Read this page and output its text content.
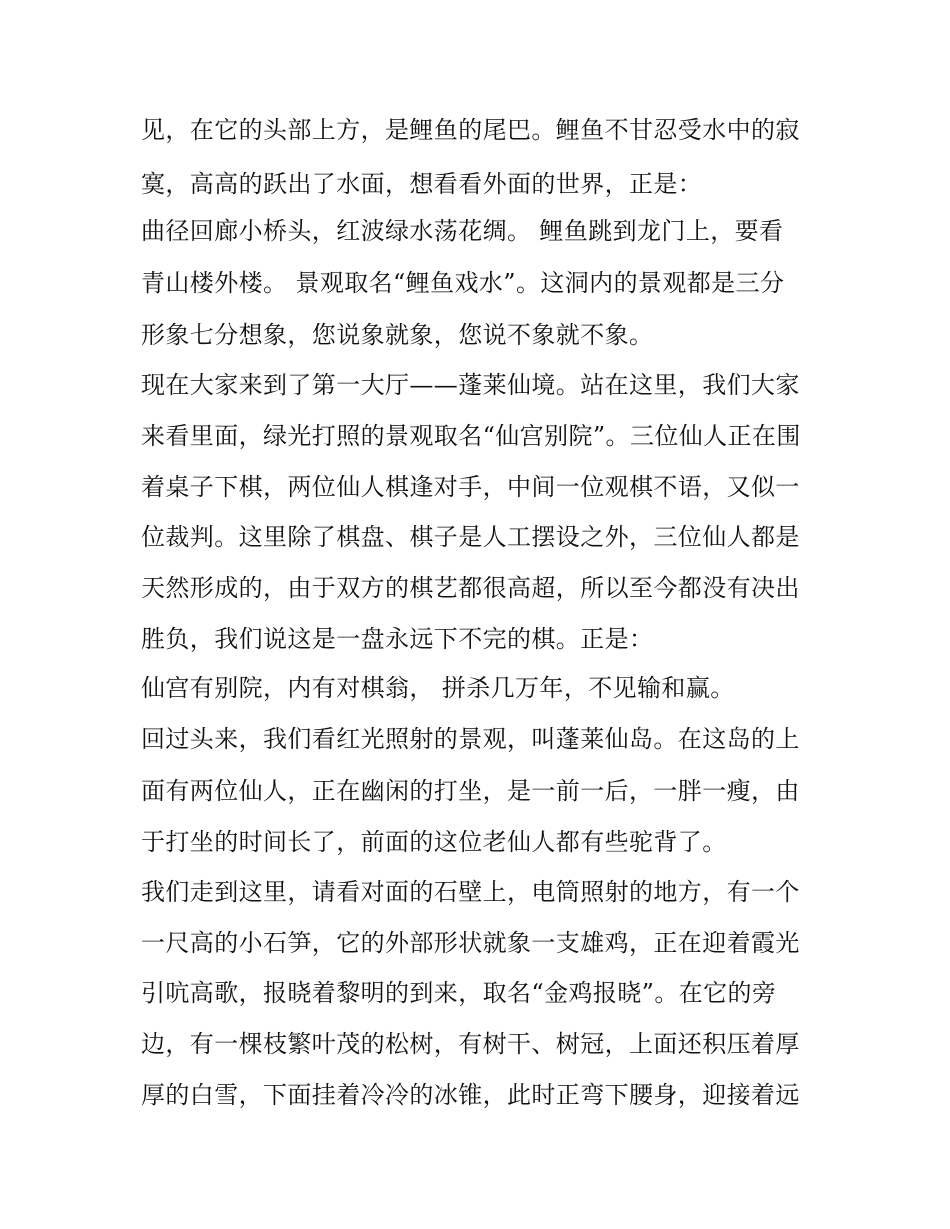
见，在它的头部上方，是鲤鱼的尾巴。鲤鱼不甘忍受水中的寂
寞，高高的跃出了水面，想看看外面的世界，正是：
曲径回廊小桥头，红波绿水荡花绸。 鲤鱼跳到龙门上，要看
青山楼外楼。 景观取名“鲤鱼戏水”。这洞内的景观都是三分
形象七分想象，您说象就象，您说不象就不象。
现在大家来到了第一大厅——蓬莱仙境。站在这里，我们大家
来看里面，绿光打照的景观取名“仙宫别院”。三位仙人正在围
着桌子下棋，两位仙人棋逢对手，中间一位观棋不语，又似一
位裁判。这里除了棋盘、棋子是人工摆设之外，三位仙人都是
天然形成的，由于双方的棋艺都很高超，所以至今都没有决出
胜负，我们说这是一盘永远下不完的棋。正是：
仙宫有别院，内有对棋翁， 拼杀几万年，不见输和赢。
回过头来，我们看红光照射的景观，叫蓬莱仙岛。在这岛的上
面有两位仙人，正在幽闲的打坐，是一前一后，一胖一瘦，由
于打坐的时间长了，前面的这位老仙人都有些驼背了。
我们走到这里，请看对面的石壁上，电筒照射的地方，有一个
一尺高的小石笋，它的外部形状就象一支雄鸡，正在迎着霞光
引吭高歌，报晓着黎明的到来，取名“金鸡报晓”。在它的旁
边，有一棵枝繁叶茂的松树，有树干、树冠，上面还积压着厚
厚的白雪，下面挂着冷冷的冰锥，此时正弯下腰身，迎接着远
